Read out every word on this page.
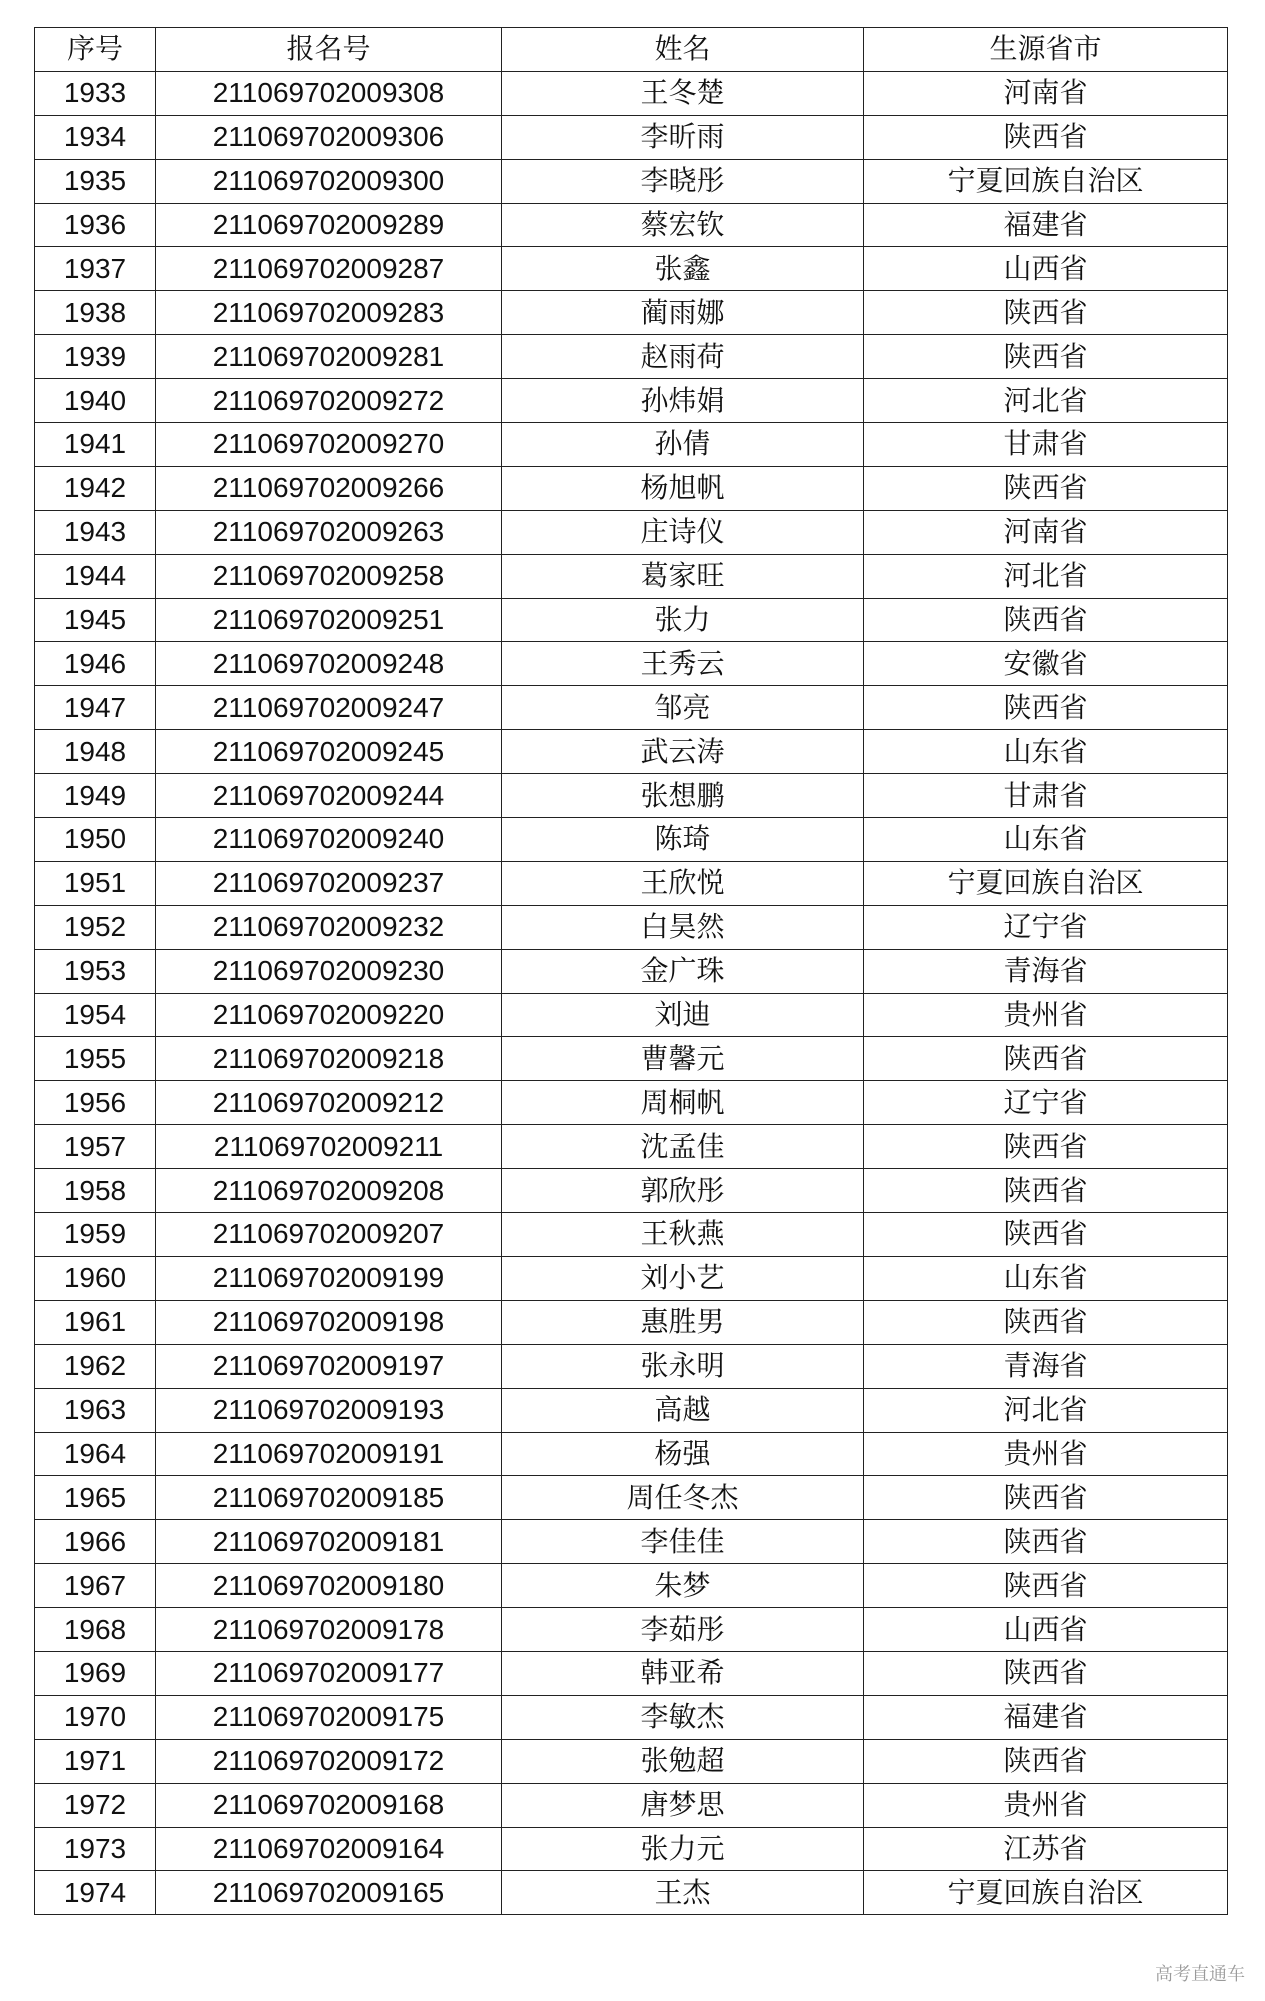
序号	报名号	姓名	生源省市
1933	211069702009308	王冬楚	河南省
1934	211069702009306	李昕雨	陕西省
1935	211069702009300	李晓彤	宁夏回族自治区
1936	211069702009289	蔡宏钦	福建省
1937	211069702009287	张鑫	山西省
1938	211069702009283	蔺雨娜	陕西省
1939	211069702009281	赵雨荷	陕西省
1940	211069702009272	孙炜娟	河北省
1941	211069702009270	孙倩	甘肃省
1942	211069702009266	杨旭帆	陕西省
1943	211069702009263	庄诗仪	河南省
1944	211069702009258	葛家旺	河北省
1945	211069702009251	张力	陕西省
1946	211069702009248	王秀云	安徽省
1947	211069702009247	邹亮	陕西省
1948	211069702009245	武云涛	山东省
1949	211069702009244	张想鹏	甘肃省
1950	211069702009240	陈琦	山东省
1951	211069702009237	王欣悦	宁夏回族自治区
1952	211069702009232	白昊然	辽宁省
1953	211069702009230	金广珠	青海省
1954	211069702009220	刘迪	贵州省
1955	211069702009218	曹馨元	陕西省
1956	211069702009212	周桐帆	辽宁省
1957	211069702009211	沈孟佳	陕西省
1958	211069702009208	郭欣彤	陕西省
1959	211069702009207	王秋燕	陕西省
1960	211069702009199	刘小艺	山东省
1961	211069702009198	惠胜男	陕西省
1962	211069702009197	张永明	青海省
1963	211069702009193	高越	河北省
1964	211069702009191	杨强	贵州省
1965	211069702009185	周任冬杰	陕西省
1966	211069702009181	李佳佳	陕西省
1967	211069702009180	朱梦	陕西省
1968	211069702009178	李茹彤	山西省
1969	211069702009177	韩亚希	陕西省
1970	211069702009175	李敏杰	福建省
1971	211069702009172	张勉超	陕西省
1972	211069702009168	唐梦思	贵州省
1973	211069702009164	张力元	江苏省
1974	211069702009165	王杰	宁夏回族自治区
高考直通车
